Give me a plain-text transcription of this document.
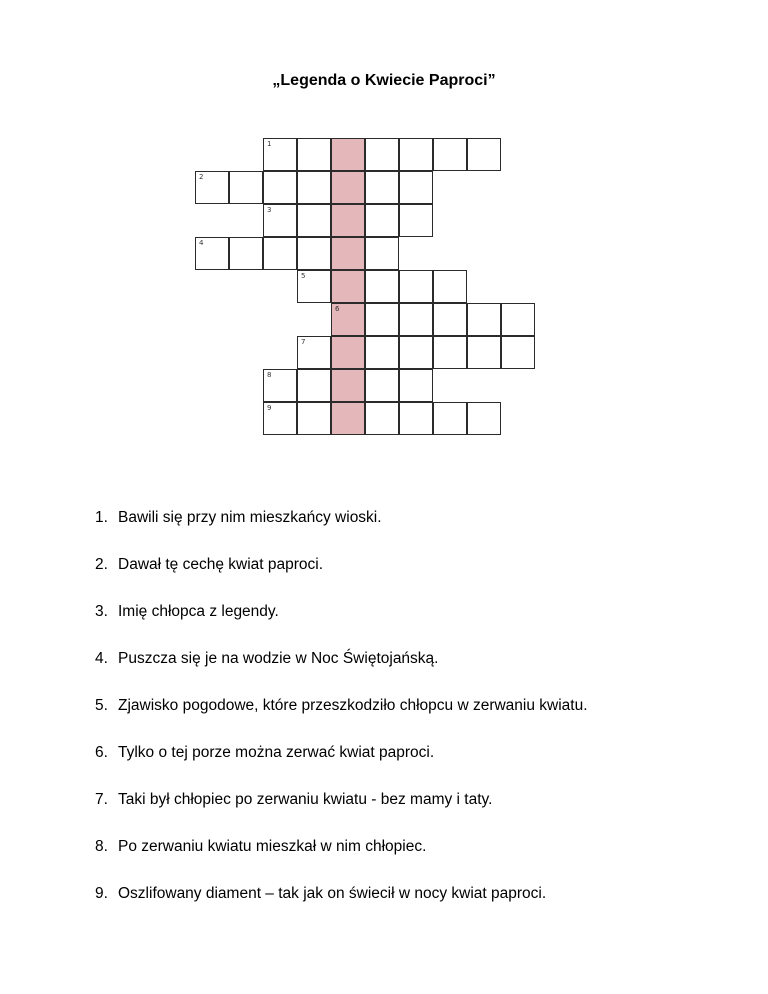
„Legenda o Kwiecie Paproci”
1
2
3
4
5
6
7
8
9
1. Bawili się przy nim mieszkańcy wioski.
2. Dawał tę cechę kwiat paproci.
3. Imię chłopca z legendy.
4. Puszcza się je na wodzie w Noc Świętojańską.
5. Zjawisko pogodowe, które przeszkodziło chłopcu w zerwaniu kwiatu.
6. Tylko o tej porze można zerwać kwiat paproci.
7. Taki był chłopiec po zerwaniu kwiatu - bez mamy i taty.
8. Po zerwaniu kwiatu mieszkał w nim chłopiec.
9. Oszlifowany diament – tak jak on świecił w nocy kwiat paproci.
